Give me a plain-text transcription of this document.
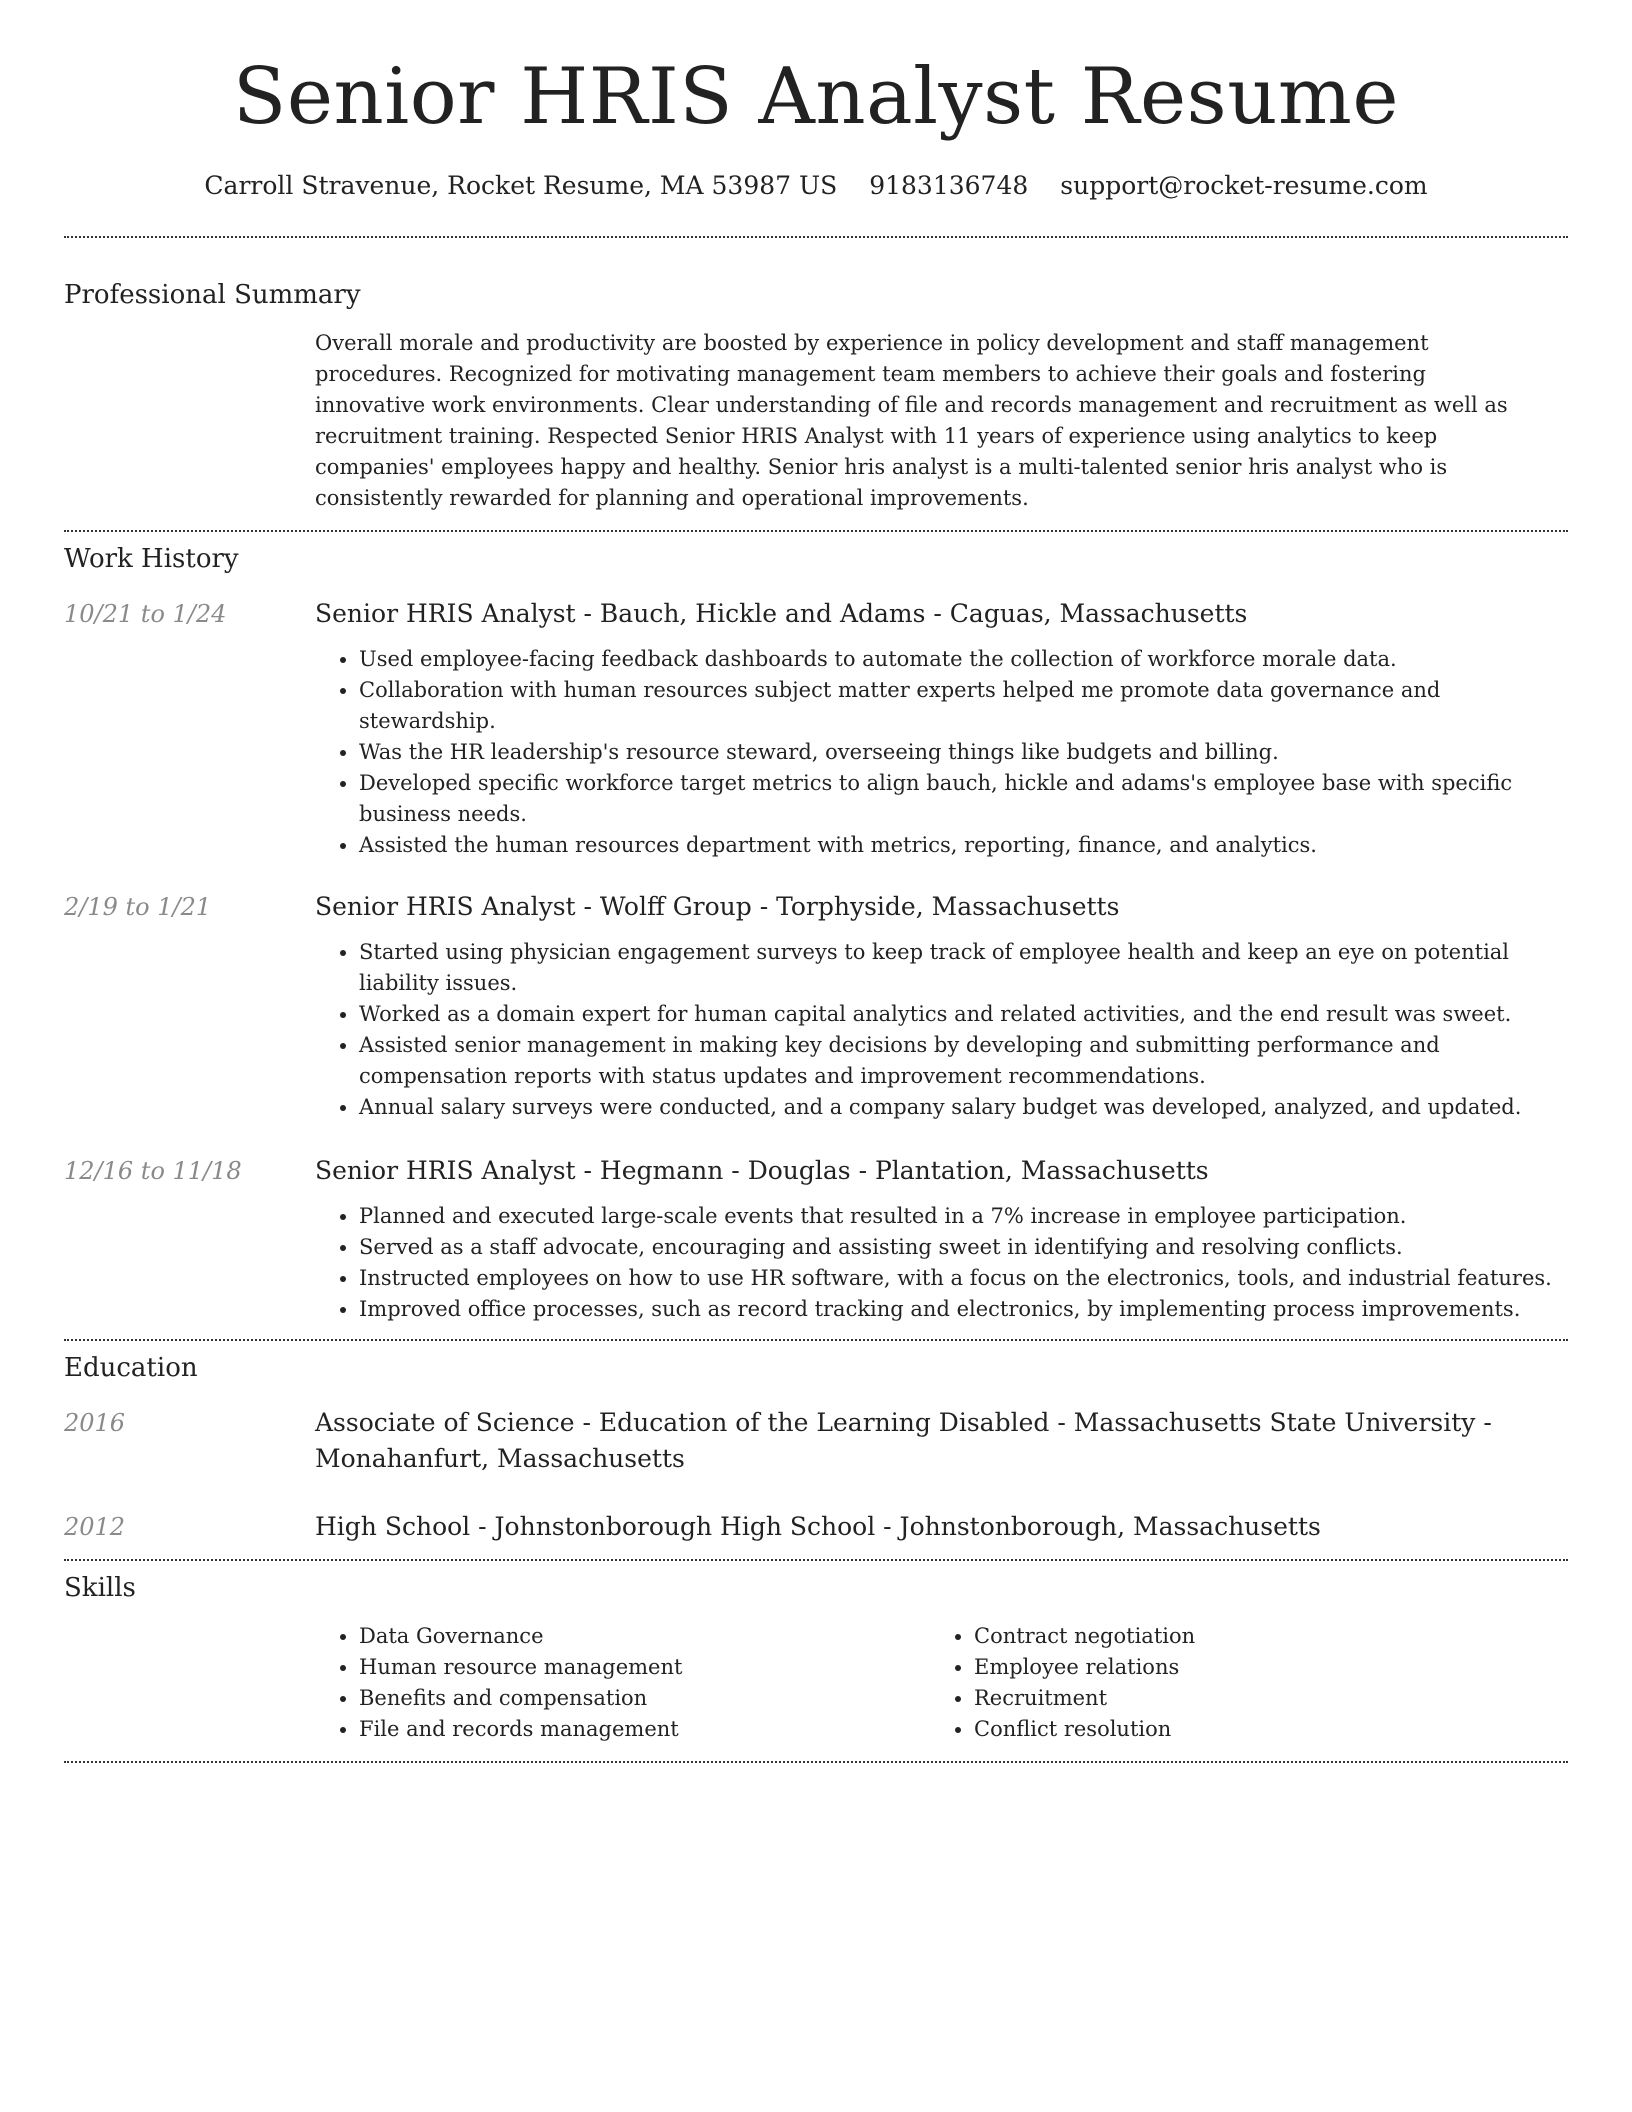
Senior HRIS Analyst Resume
Carroll Stravenue, Rocket Resume, MA 53987 US 9183136748 support@rocket-resume.com
Professional Summary
Overall morale and productivity are boosted by experience in policy development and staff management procedures. Recognized for motivating management team members to achieve their goals and fostering innovative work environments. Clear understanding of file and records management and recruitment as well as recruitment training. Respected Senior HRIS Analyst with 11 years of experience using analytics to keep companies' employees happy and healthy. Senior hris analyst is a multi-talented senior hris analyst who is consistently rewarded for planning and operational improvements.
Work History
10/21 to 1/24	Senior HRIS Analyst - Bauch, Hickle and Adams - Caguas, Massachusetts
• Used employee-facing feedback dashboards to automate the collection of workforce morale data.
• Collaboration with human resources subject matter experts helped me promote data governance and stewardship.
• Was the HR leadership's resource steward, overseeing things like budgets and billing.
• Developed specific workforce target metrics to align bauch, hickle and adams's employee base with specific business needs.
• Assisted the human resources department with metrics, reporting, finance, and analytics.
2/19 to 1/21	Senior HRIS Analyst - Wolff Group - Torphyside, Massachusetts
• Started using physician engagement surveys to keep track of employee health and keep an eye on potential liability issues.
• Worked as a domain expert for human capital analytics and related activities, and the end result was sweet.
• Assisted senior management in making key decisions by developing and submitting performance and compensation reports with status updates and improvement recommendations.
• Annual salary surveys were conducted, and a company salary budget was developed, analyzed, and updated.
12/16 to 11/18	Senior HRIS Analyst - Hegmann - Douglas - Plantation, Massachusetts
• Planned and executed large-scale events that resulted in a 7% increase in employee participation.
• Served as a staff advocate, encouraging and assisting sweet in identifying and resolving conflicts.
• Instructed employees on how to use HR software, with a focus on the electronics, tools, and industrial features.
• Improved office processes, such as record tracking and electronics, by implementing process improvements.
Education
2016	Associate of Science - Education of the Learning Disabled - Massachusetts State University - Monahanfurt, Massachusetts
2012	High School - Johnstonborough High School - Johnstonborough, Massachusetts
Skills
• Data Governance
• Human resource management
• Benefits and compensation
• File and records management
• Contract negotiation
• Employee relations
• Recruitment
• Conflict resolution
